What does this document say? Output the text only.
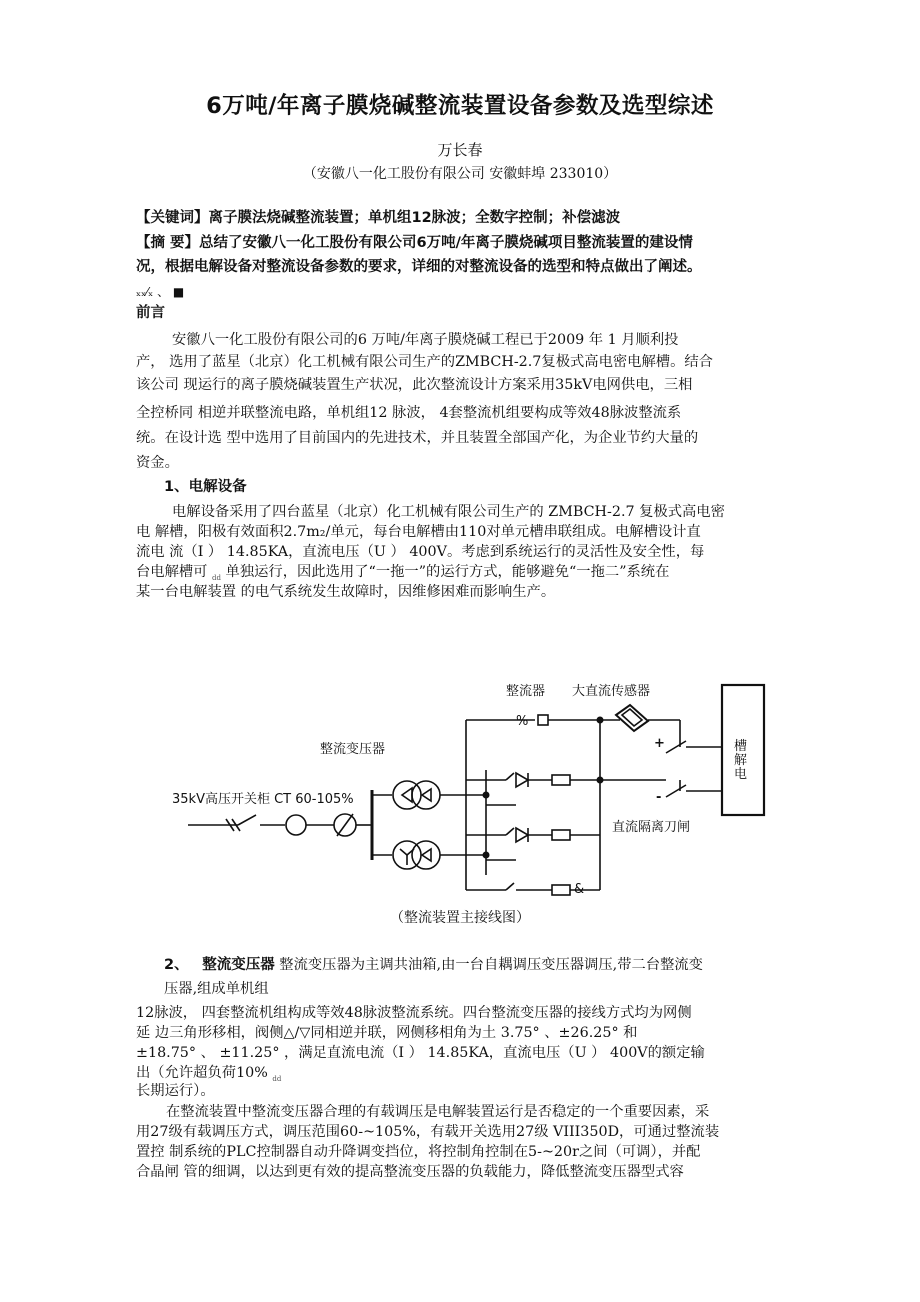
6万吨/年离子膜烧碱整流装置设备参数及选型综述
万长春
（安徽八一化工股份有限公司 安徽蚌埠 233010）
【关键词】离子膜法烧碱整流装置；单机组12脉波；全数字控制；补偿滤波
【摘 要】总结了安徽八一化工股份有限公司6万吨/年离子膜烧碱项目整流装置的建设情
况，根据电解设备对整流设备参数的要求，详细的对整流设备的选型和特点做出了阐述。
ₓₓ⁄ₓ 、 ■
前言
安徽八一化工股份有限公司的6 万吨/年离子膜烧碱工程已于2009 年 1 月顺利投
产， 选用了蓝星（北京）化工机械有限公司生产的ZMBCH-2.7复极式高电密电解槽。结合
该公司 现运行的离子膜烧碱装置生产状况，此次整流设计方案采用35kV电网供电，三相
全控桥同 相逆并联整流电路，单机组12 脉波， 4套整流机组要构成等效48脉波整流系
统。在设计选 型中选用了目前国内的先进技术，并且装置全部国产化，为企业节约大量的
资金。
1、电解设备
电解设备采用了四台蓝星（北京）化工机械有限公司生产的 ZMBCH-2.7 复极式高电密
电 解槽，阳极有效面积2.7m₂/单元，每台电解槽由110对单元槽串联组成。电解槽设计直
流电 流（I ） 14.85KA，直流电压（U ） 400V。考虑到系统运行的灵活性及安全性，每
台电解槽可 $_{dd}$ 单独运行，因此选用了“一拖一”的运行方式，能够避免“一拖二”系统在
某一台电解装置 的电气系统发生故障时，因维修困难而影响生产。
整流器 大直流传感器
整流变压器
35kV高压开关柜 CT 60-105%
+
-
槽
解
电
直流隔离刀闸
%
&
（整流装置主接线图）
2、 整流变压器 整流变压器为主调共油箱,由一台自耦调压变压器调压,带二台整流变
压器,组成单机组
12脉波， 四套整流机组构成等效48脉波整流系统。四台整流变压器的接线方式均为网侧
延 边三角形移相，阀侧△/▽同相逆并联，网侧移相角为土 3.75° 、±26.25° 和
±18.75° 、 ±11.25° ，满足直流电流（I ） 14.85KA，直流电压（U ） 400V的额定输
出（允许超负荷10% $_{dd}$
长期运行）。
在整流装置中整流变压器合理的有载调压是电解装置运行是否稳定的一个重要因素，采
用27级有载调压方式，调压范围60-~105%，有载开关选用27级 VIII350D，可通过整流装
置控 制系统的PLC控制器自动升降调变挡位，将控制角控制在5-~20r之间（可调），并配
合晶闸 管的细调，以达到更有效的提高整流变压器的负载能力，降低整流变压器型式容
